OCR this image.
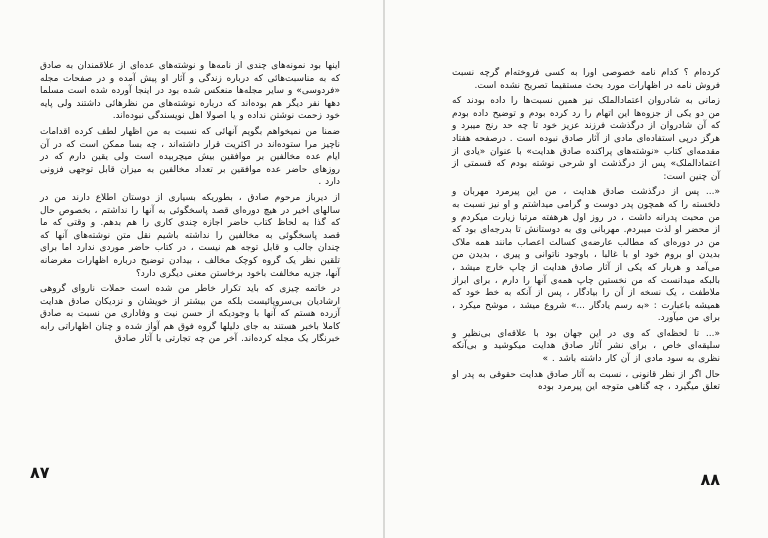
اینها بود نمونه‌های چندی از نامه‌ها و نوشته‌های عده‌ای از علاقمندان به صادق که به مناسبت‌هائی که درباره زندگی و آثار او پیش آمده و در صفحات مجله «فردوسی» و سایر مجله‌ها منعکس شده بود در اینجا آورده شده است مسلما دهها نفر دیگر هم بوده‌اند که درباره نوشته‌های من نظرهائی داشتند ولی پایه خود زحمت نوشتن نداده و یا اصولا اهل نویسندگی نبوده‌اند.

ضمنا من نمیخواهم بگویم آنهائی که نسبت به من اظهار لطف کرده اقدامات ناچیز مرا ستوده‌اند در اکثریت قرار داشته‌اند ، چه بسا ممکن است که در آن ایام عده مخالفین بر موافقین بیش میچربیده است ولی یقین دارم که در روزهای حاضر عده موافقین بر تعداد مخالفین به میزان قابل توجهی فزونی دارد .

از دیرباز مرحوم صادق ، بطوریکه بسیاری از دوستان اطلاع دارند من در سالهای اخیر در هیچ دوره‌ای قصد پاسخگوئی به آنها را نداشتم ، بخصوص حال که گذا به لحاظ کتاب حاضر اجازه چندی کاری را هم بدهم. و وقتی که ما قصد پاسخگوئی به مخالفین را نداشته باشیم نقل متن نوشته‌های آنها که چندان جالب و قابل توجه هم نیست ، در کتاب حاضر موردی ندارد اما برای تلقین نظر یک گروه کوچک مخالف ، بیدادن توضیح درباره اظهارات مغرضانه آنها، جزیه مخالفت باخود برخاستن معنی دیگری دارد؟

در خاتمه چیزی که باید تکرار خاطر من شده است حملات ناروای گروهی ارشادیان بی‌سروپائیست بلکه من بیشتر از خویشان و نزدیکان صادق هدایت آزرده هستم که آنها با وجودیکه از حسن نیت و وفاداری من نسبت به صادق کاملا باخبر هستند به جای دلیلها گروه فوق هم آواز شده و چنان اظهاراتی رابه خبرنگار یک مجله کرده‌اند. آخر من چه تجارتی با آثار صادق

۸۷

کرده‌ام ؟ کدام نامه خصوصی اورا به کسی فروخته‌ام گرچه نسبت فروش نامه در اظهارات مورد بحث مستقیما تصریح نشده است.

زمانی به شادروان اعتمادالملک نیز همین نسبت‌ها را داده بودند که من دو یکی از جزوه‌ها این اتهام را رد کرده بودم و توضیح داده بودم که آن شادروان از درگذشت فرزند عزیز خود تا چه حد رنج میبرد و هرگز درپی استفاده‌ای مادی از آثار صادق نبوده است . درصفحه هفتاد مقدمه‌ای کتاب «نوشته‌های پراکنده صادق هدایت» با عنوان «یادی از اعتمادالملک» پس از درگذشت او شرحی نوشته بودم که قسمتی از آن چنین است:

«... پس از درگذشت صادق هدایت ، من این پیرمرد مهربان و دلخسته را که همچون پدر دوست و گرامی میداشتم و او نیز نسبت به من محبت پدرانه داشت ، در روز اول هرهفته مرتبا زیارت میکردم و از محضر او لذت میبردم. مهربانی وی به دوستانش تا بدرجه‌ای بود که من در دوره‌ای که مطالب عارضه‌ی کسالت اعصاب مانند همه ملاک بدیدن او بروم خود او با غالبا ، باوجود ناتوانی و پیری ، بدیدن من می‌آمد و هربار که یکی از آثار صادق هدایت از چاپ خارج میشد ، بالبکه میدانست که من نخستین چاپ همه‌ی آنها را دارم ، برای ابراز ملاطفت ، یک نسخه از آن را بیادگار ، پس از آنکه به خط خود که همیشه باعبارت : «به رسم یادگار ...» شروع میشد ، موشح میکرد ، برای من میآورد.

«... تا لحظه‌ای که وی در این جهان بود با علاقه‌ای بی‌نظیر و سلیقه‌ای خاص ، برای نشر آثار صادق هدایت میکوشید و بی‌آنکه نظری به سود مادی از آن کار داشته باشد . »

حال اگر از نظر قانونی ، نسبت به آثار صادق هدایت حقوقی به پدر او تعلق میگیرد ، چه گناهی متوجه این پیرمرد بوده

۸۸
